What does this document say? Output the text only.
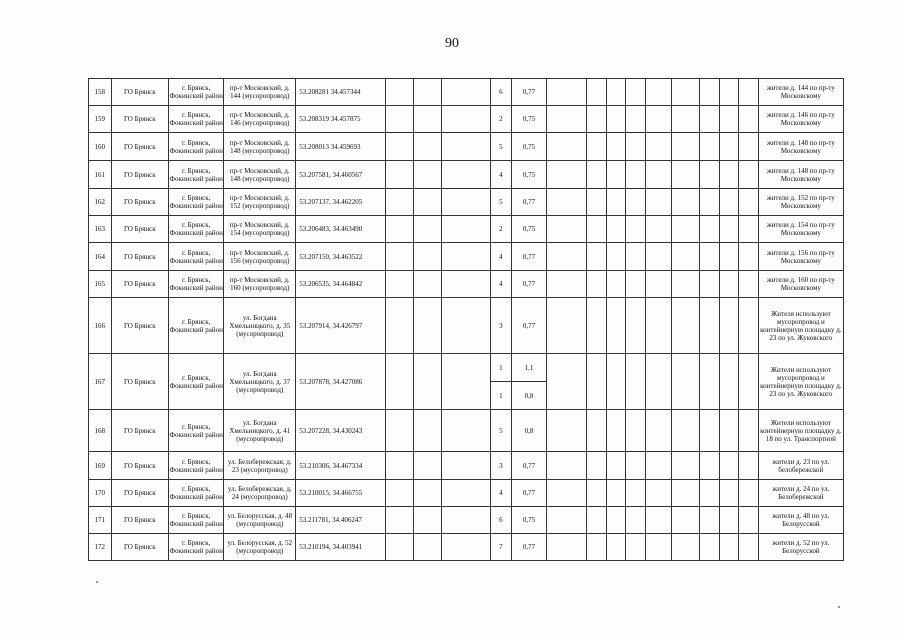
90
158	ГО Брянск	г. Брянск, Фокинский район	пр-т Московский, д. 144 (мусоропровод)	53.208281 34.457344				6	0,77										жители д. 144 по пр-ту Московскому
159	ГО Брянск	г. Брянск, Фокинский район	пр-т Московский, д. 146 (мусоропровод)	53.208319 34.457875				2	0,75										жители д. 146 по пр-ту Московскому
160	ГО Брянск	г. Брянск, Фокинский район	пр-т Московский, д. 148 (мусоропровод)	53.208013 34.459693				5	0,75										жители д. 148 по пр-ту Московскому
161	ГО Брянск	г. Брянск, Фокинский район	пр-т Московский, д. 148 (мусоропровод)	53.207581, 34.460567				4	0,75										жители д. 148 по пр-ту Московскому
162	ГО Брянск	г. Брянск, Фокинский район	пр-т Московский, д. 152 (мусоропровод)	53.207137, 34.462205				5	0,77										жители д. 152 по пр-ту Московскому
163	ГО Брянск	г. Брянск, Фокинский район	пр-т Московский, д. 154 (мусоропровод)	53.206483, 34.463490				2	0,75										жители д. 154 по пр-ту Московскому
164	ГО Брянск	г. Брянск, Фокинский район	пр-т Московский, д. 156 (мусоропровод)	53.207150, 34.463522				4	0,77										жители д. 156 по пр-ту Московскому
165	ГО Брянск	г. Брянск, Фокинский район	пр-т Московский, д. 160 (мусоропровод)	53.206535, 34.464842				4	0,77										жители д. 160 по пр-ту Московскому
166	ГО Брянск	г. Брянск, Фокинский район	ул. Богдана Хмельницкого, д. 35 (мусоропровод)	53.207914, 34.426797				3	0,77										Жителя используют мусоропровод и контейнерную площадку д. 23 по ул. Жуковского
167	ГО Брянск	г. Брянск, Фокинский район	ул. Богдана Хмельницкого, д. 37 (мусоропровод)	53.207878, 34.427086				1	1,1										Жители используют мусоропровод и контейнерную площадку д. 23 по ул. Жуковского
								1	0,8										
168	ГО Брянск	г. Брянск, Фокинский район	ул. Богдана Хмельницкого, д. 41 (мусоропровод)	53.207228, 34.430243				5	0,8										Жители используют контейнерную площадку д. 18 по ул. Транспортной
169	ГО Брянск	г. Брянск, Фокинский район	ул. Белобережская, д. 23 (мусоропровод)	53.210306, 34.467334				3	0,77										жители д. 23 по ул. белобережской
170	ГО Брянск	г. Брянск, Фокинский район	ул. Белобережская, д. 24 (мусоропровод)	53.210015, 34.466755				4	0,77										жители д. 24 по ул. Белобережской
171	ГО Брянск	г. Брянск, Фокинский район	ул. Белорусская, д. 48 (мусоропровод)	53.211781, 34.406247				6	0,75										жители д. 48 по ул. Белорусской
172	ГО Брянск	г. Брянск, Фокинский район	ул. Белорусская, д. 52 (мусоропровод)	53.210194, 34.403941				7	0,77										жители д. 52 по ул. Белорусской
